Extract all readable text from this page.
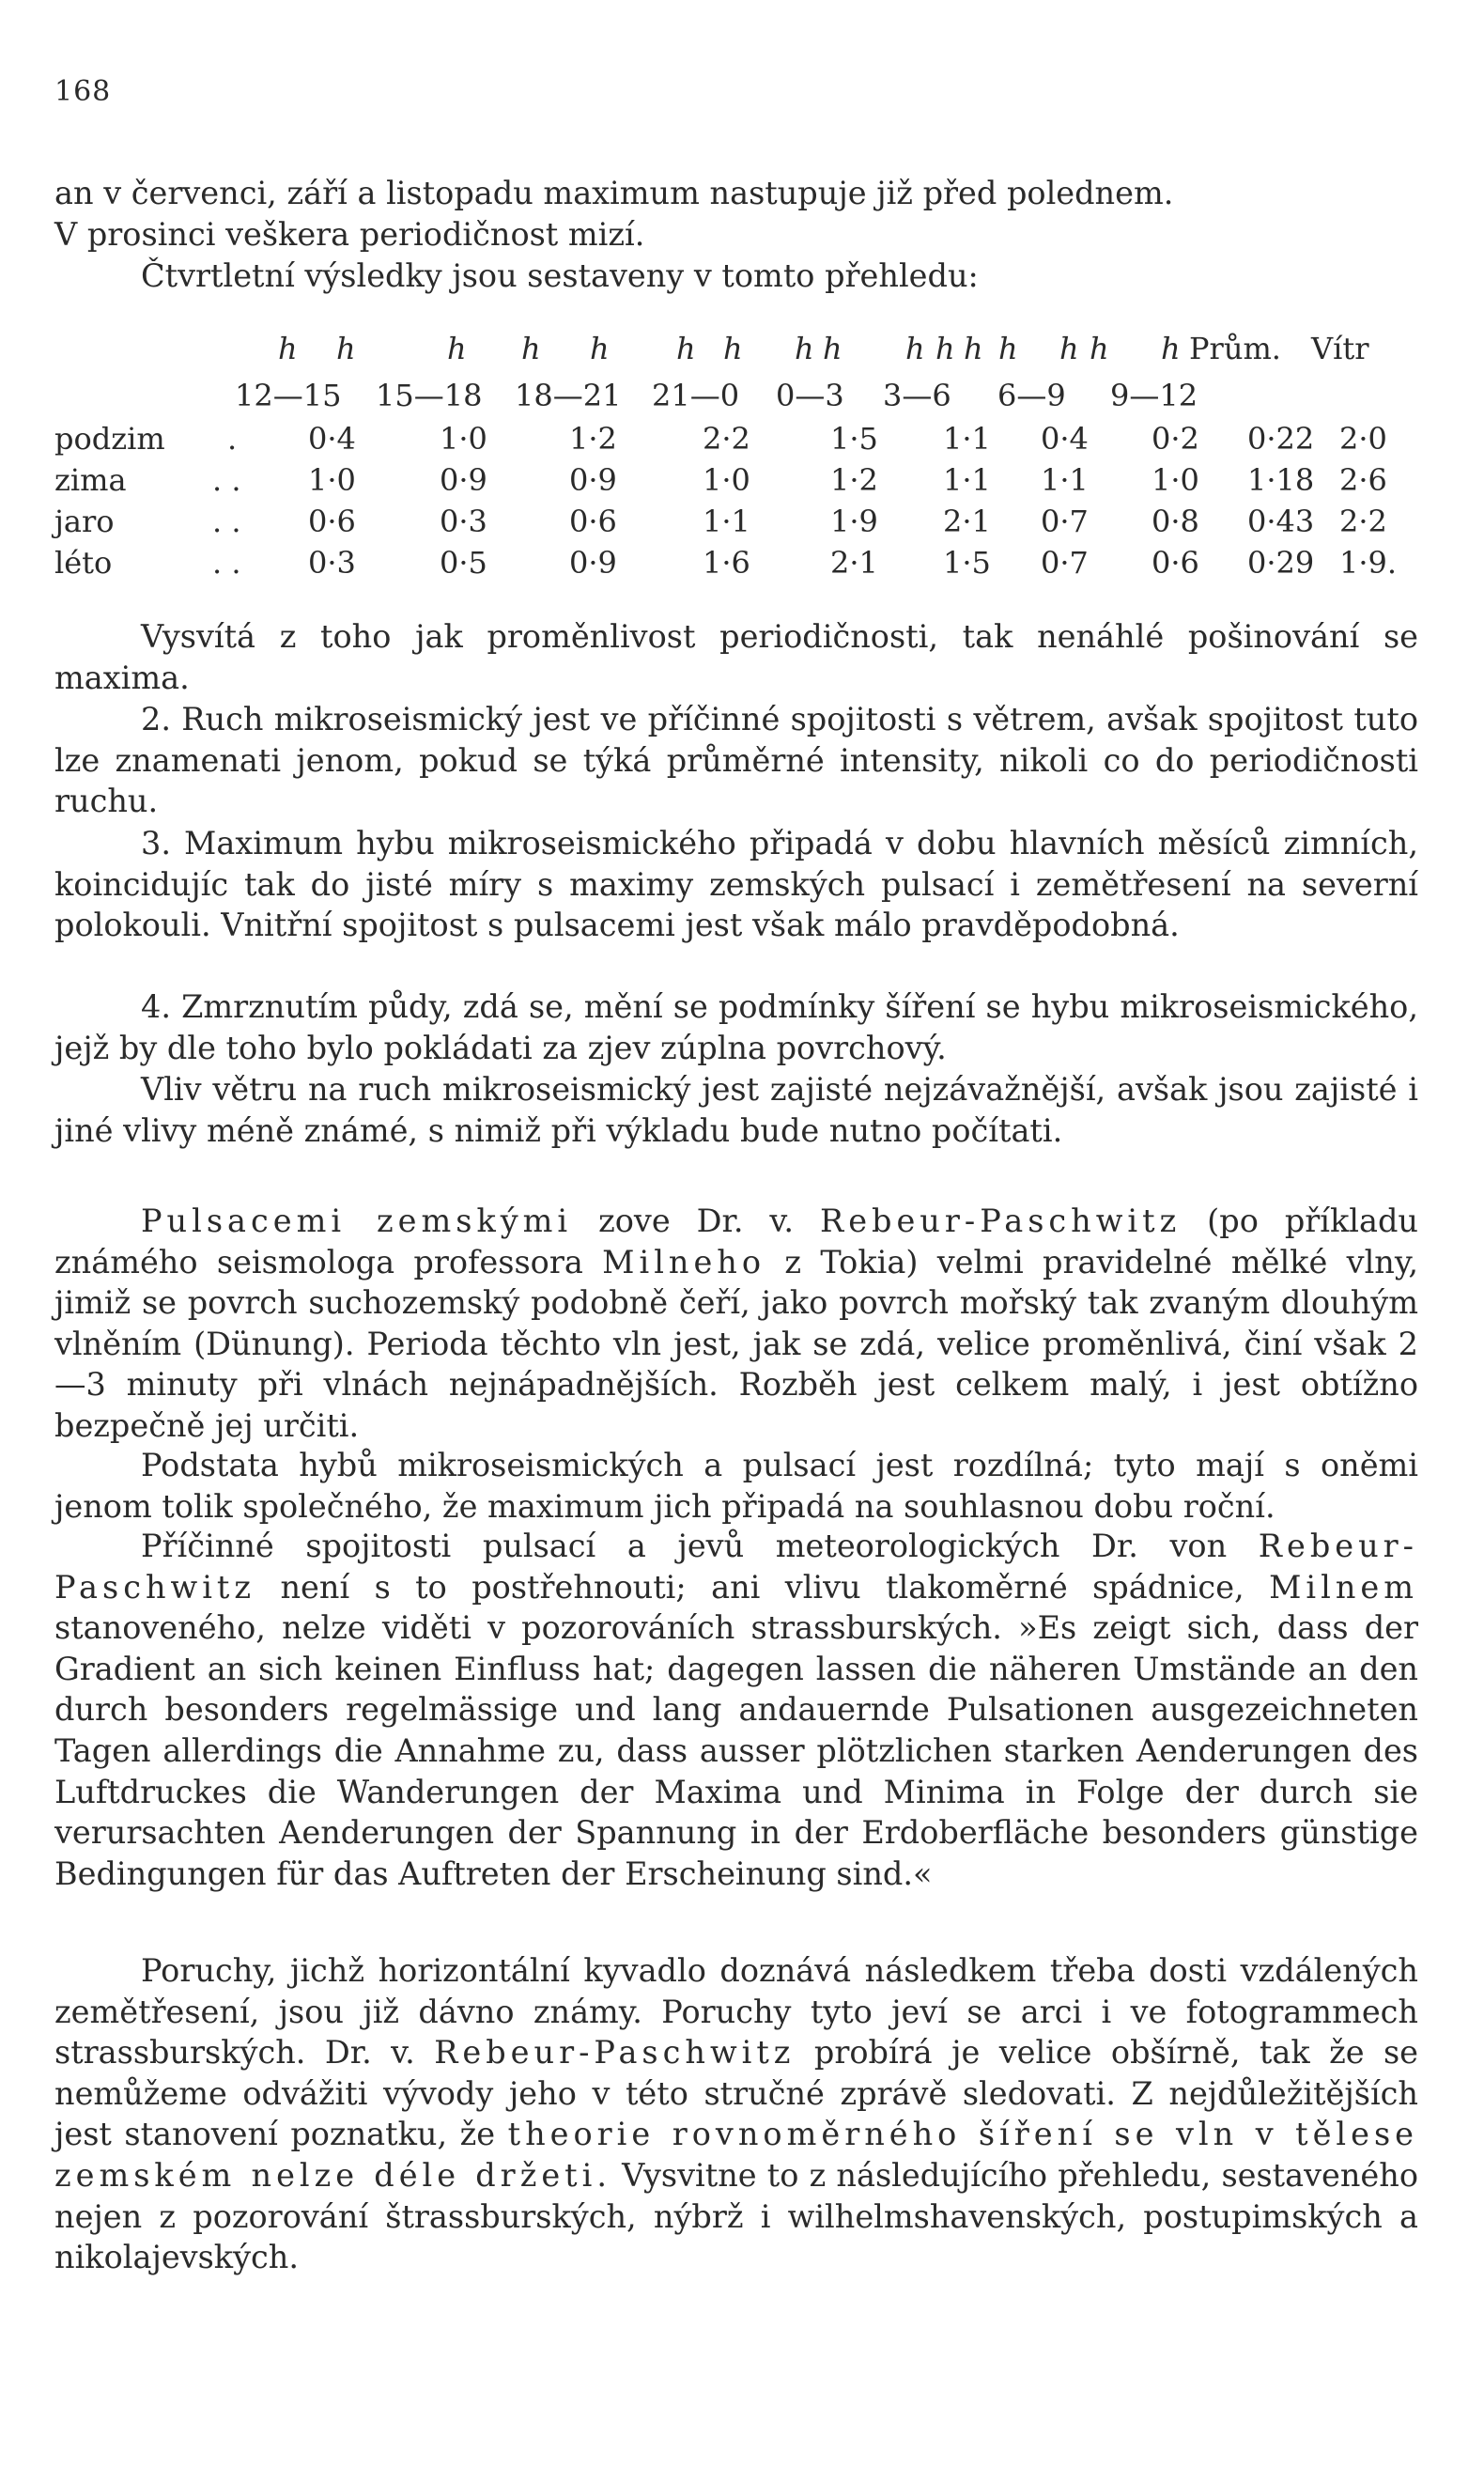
168
an v červenci, září a listopadu maximum nastupuje již před polednem.
V prosinci veškera periodičnost mizí.
Čtvrtletní výsledky jsou sestaveny v tomto přehledu:
h h	h h h h h h h h h h h h h h Prům. Vítr
12—15 15—18 18—21 21—0 0—3 3—6 6—9 9—12
podzim . 0·4	1·0	1·2	2·2	1·5 1·1 0·4 0·2 0·22 2·0
zima	. . 1·0	0·9	0·9	1·0	1·2 1·1 1·1 1·0 1·18 2·6
jaro	. . 0·6	0·3	0·6	1·1	1·9 2·1 0·7 0·8 0·43 2·2
léto	. . 0·3	0·5	0·9	1·6	2·1 1·5 0·7 0·6 0·29 1·9.
Vysvítá z toho jak proměnlivost periodičnosti, tak nenáhlé pošinování se maxima.
2. Ruch mikroseismický jest ve příčinné spojitosti s větrem, avšak spojitost tuto lze znamenati jenom, pokud se týká průměrné intensity, nikoli co do periodičnosti ruchu.
3. Maximum hybu mikroseismického připadá v dobu hlavních měsíců zimních, koincidujíc tak do jisté míry s maximy zemských pulsací i zemětřesení na severní polokouli. Vnitřní spojitost s pulsacemi jest však málo pravděpodobná.
4. Zmrznutím půdy, zdá se, mění se podmínky šíření se hybu mikroseismického, jejž by dle toho bylo pokládati za zjev zúplna povrchový.
Vliv větru na ruch mikroseismický jest zajisté nejzávažnější, avšak jsou zajisté i jiné vlivy méně známé, s nimiž při výkladu bude nutno počítati.
Pulsacemi zemskými zove Dr. v. Rebeur-Paschwitz (po příkladu známého seismologa professora Milneho z Tokia) velmi pravidelné mělké vlny, jimiž se povrch suchozemský podobně čeří, jako povrch mořský tak zvaným dlouhým vlněním (Dünung). Perioda těchto vln jest, jak se zdá, velice proměnlivá, činí však 2—3 minuty při vlnách nejnápadnějších. Rozběh jest celkem malý, i jest obtížno bezpečně jej určiti.
Podstata hybů mikroseismických a pulsací jest rozdílná; tyto mají s oněmi jenom tolik společného, že maximum jich připadá na souhlasnou dobu roční.
Příčinné spojitosti pulsací a jevů meteorologických Dr. von Rebeur-Paschwitz není s to postřehnouti; ani vlivu tlakoměrné spádnice, Milnem stanoveného, nelze viděti v pozorováních strassburských. »Es zeigt sich, dass der Gradient an sich keinen Einfluss hat; dagegen lassen die näheren Umstände an den durch besonders regelmässige und lang andauernde Pulsationen ausgezeichneten Tagen allerdings die Annahme zu, dass ausser plötzlichen starken Aenderungen des Luftdruckes die Wanderungen der Maxima und Minima in Folge der durch sie verursachten Aenderungen der Spannung in der Erdoberfläche besonders günstige Bedingungen für das Auftreten der Erscheinung sind.«
Poruchy, jichž horizontální kyvadlo doznává následkem třeba dosti vzdálených zemětřesení, jsou již dávno známy. Poruchy tyto jeví se arci i ve fotogrammech strassburských. Dr. v. Rebeur-Paschwitz probírá je velice obšírně, tak že se nemůžeme odvážiti vývody jeho v této stručné zprávě sledovati. Z nejdůležitějších jest stanovení poznatku, že theorie rovnoměrného šíření se vln v tělese zemském nelze déle držeti. Vysvitne to z následujícího přehledu, sestaveného nejen z pozorování štrassburských, nýbrž i wilhelmshavenských, postupimských a nikolajevských.
